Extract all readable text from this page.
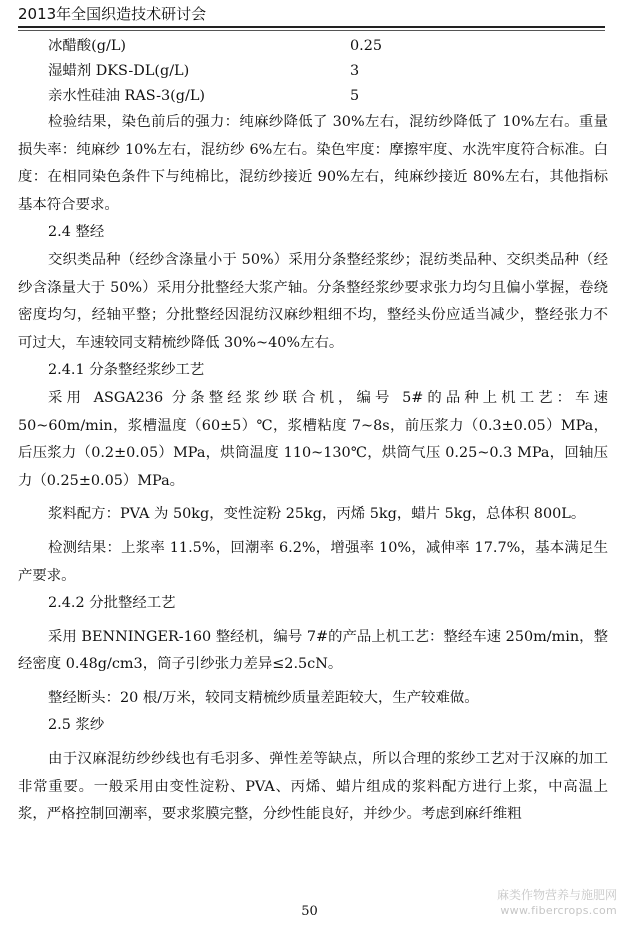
2013年全国织造技术研讨会
冰醋酸(g/L)	0.25
湿蜡剂 DKS-DL(g/L)	3
亲水性硅油 RAS-3(g/L)	5

检验结果，染色前后的强力：纯麻纱降低了 30%左右，混纺纱降低了 10%左右。重量损失率：纯麻纱 10%左右，混纺纱 6%左右。染色牢度：摩擦牢度、水洗牢度符合标准。白度：在相同染色条件下与纯棉比，混纺纱接近 90%左右，纯麻纱接近 80%左右，其他指标基本符合要求。

2.4 整经

交织类品种（经纱含涤量小于 50%）采用分条整经浆纱；混纺类品种、交织类品种（经纱含涤量大于 50%）采用分批整经大浆产轴。分条整经浆纱要求张力均匀且偏小掌握，卷绕密度均匀，经轴平整；分批整经因混纺汉麻纱粗细不均，整经头份应适当减少，整经张力不可过大，车速较同支精梳纱降低 30%~40%左右。

2.4.1 分条整经浆纱工艺

采用 ASGA236 分条整经浆纱联合机，编号 5#的品种上机工艺：车速 50~60m/min，浆槽温度（60±5）℃，浆槽粘度 7~8s，前压浆力（0.3±0.05）MPa，后压浆力（0.2±0.05）MPa，烘筒温度 110~130℃，烘筒气压 0.25~0.3 MPa，回轴压力（0.25±0.05）MPa。

浆料配方：PVA 为 50kg，变性淀粉 25kg，丙烯 5kg，蜡片 5kg，总体积 800L。

检测结果：上浆率 11.5%，回潮率 6.2%，增强率 10%，减伸率 17.7%，基本满足生产要求。

2.4.2 分批整经工艺

采用 BENNINGER-160 整经机，编号 7#的产品上机工艺：整经车速 250m/min，整经密度 0.48g/cm3，筒子引纱张力差异≤2.5cN。

整经断头：20 根/万米，较同支精梳纱质量差距较大，生产较难做。

2.5 浆纱

由于汉麻混纺纱纱线也有毛羽多、弹性差等缺点，所以合理的浆纱工艺对于汉麻的加工非常重要。一般采用由变性淀粉、PVA、丙烯、蜡片组成的浆料配方进行上浆，中高温上浆，严格控制回潮率，要求浆膜完整，分纱性能良好，并纱少。考虑到麻纤维粗

50
麻类作物营养与施肥网
www.fibercrops.com
